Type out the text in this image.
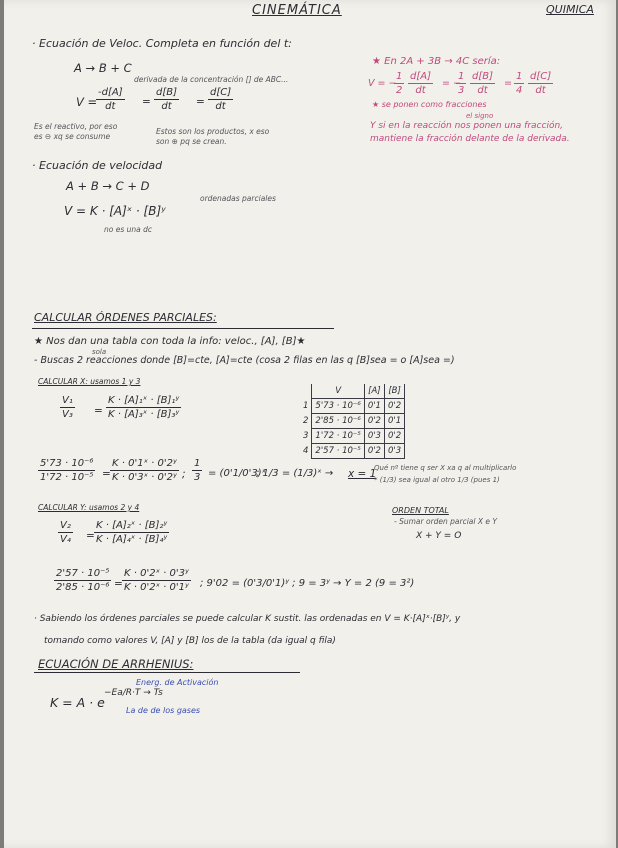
CINEMÁTICA	QUIMICA
· Ecuación de Veloc. Completa en función del t:
A → B + C
derivada de la concentración [] de ABC...
V =
-d[A]
dt	=
d[B]
dt =
d[C]
dt
Es el reactivo, por eso
es ⊖ xq se consume
Estos son los productos, x eso
son ⊕ pq se crean.
★ En 2A + 3B → 4C sería:
V = −
1
2
d[A]
dt
= −
1
3
d[B]
dt
=
1
4
d[C]
dt
★ se ponen como fracciones
el signo
Y si en la reacción nos ponen una fracción,
mantiene la fracción delante de la derivada.
· Ecuación de velocidad
A + B → C + D
ordenadas parciales
V = K · [A]ˣ · [B]ʸ
no es una dc
CALCULAR ÓRDENES PARCIALES:
★ Nos dan una tabla con toda la info: veloc., [A], [B]★
sola
- Buscas 2 reacciones donde [B]=cte, [A]=cte (cosa 2 filas en las q [B]sea = o [A]sea =)
CALCULAR X: usamos 1 y 3
V₁
V₃ =
K · [A]₁ˣ · [B]₁ʸ
K · [A]₃ˣ · [B]₃ʸ
5'73 · 10⁻⁶
1'72 · 10⁻⁵ =
K · 0'1ˣ · 0'2ʸ
K · 0'3ˣ · 0'2ʸ ;
1
3 = (0'1/0'3)ˣ
; 1/3 = (1/3)ˣ → x = 1
Qué nº tiene q ser X xa q al multiplicarlo
* (1/3) sea igual al otro 1/3 (pues 1)
CALCULAR Y: usamos 2 y 4
V₂
V₄ =
K · [A]₂ˣ · [B]₂ʸ
K · [A]₄ˣ · [B]₄ʸ
ORDEN TOTAL
- Sumar orden parcial X e Y
X + Y = O
2'57 · 10⁻⁵
2'85 · 10⁻⁶ =
K · 0'2ˣ · 0'3ʸ
K · 0'2ˣ · 0'1ʸ ; 9'02 = (0'3/0'1)ʸ ; 9 = 3ʸ → Y = 2 (9 = 3²)
· Sabiendo los órdenes parciales se puede calcular K sustit. las ordenadas en V = K·[A]ˣ·[B]ʸ, y
tomando como valores V, [A] y [B] los de la tabla (da igual q fila)
	V	[A]	[B]
1	5'73 · 10⁻⁶	0'1	0'2
2	2'85 · 10⁻⁶	0'2	0'1
3	1'72 · 10⁻⁵	0'3	0'2
4	2'57 · 10⁻⁵	0'2	0'3
ECUACIÓN DE ARRHENIUS:
Energ. de Activación
−Ea/R·T → Ts
K = A · e
La de de los gases
